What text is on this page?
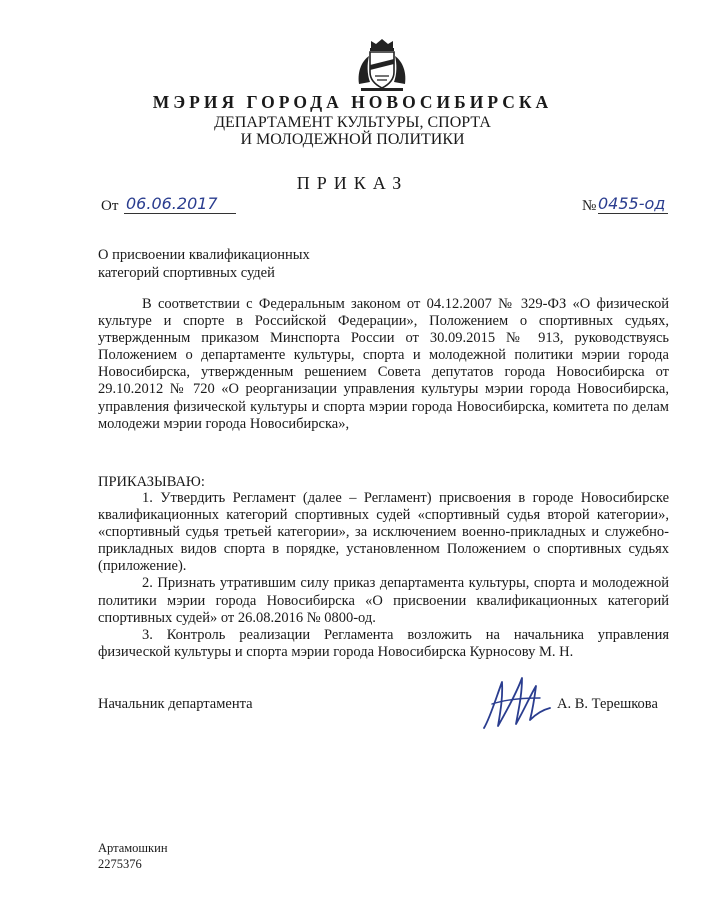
МЭРИЯ ГОРОДА НОВОСИБИРСКА
ДЕПАРТАМЕНТ КУЛЬТУРЫ, СПОРТА
И МОЛОДЕЖНОЙ ПОЛИТИКИ
ПРИКАЗ
От 06.06.2017	№ 0455-од
О присвоении квалификационных
категорий спортивных судей
В соответствии с Федеральным законом от 04.12.2007 № 329-ФЗ «О физической культуре и спорте в Российской Федерации», Положением о спортивных судьях, утвержденным приказом Минспорта России от 30.09.2015 № 913, руководствуясь Положением о департаменте культуры, спорта и молодежной политики мэрии города Новосибирска, утвержденным решением Совета депутатов города Новосибирска от 29.10.2012 № 720 «О реорганизации управления культуры мэрии города Новосибирска, управления физической культуры и спорта мэрии города Новосибирска, комитета по делам молодежи мэрии города Новосибирска»,
ПРИКАЗЫВАЮ:

1. Утвердить Регламент (далее – Регламент) присвоения в городе Новосибирске квалификационных категорий спортивных судей «спортивный судья второй категории», «спортивный судья третьей категории», за исключением военно-прикладных и служебно-прикладных видов спорта в порядке, установленном Положением о спортивных судьях (приложение).

2. Признать утратившим силу приказ департамента культуры, спорта и молодежной политики мэрии города Новосибирска «О присвоении квалификационных категорий спортивных судей» от 26.08.2016 № 0800-од.

3. Контроль реализации Регламента возложить на начальника управления физической культуры и спорта мэрии города Новосибирска Курносову М. Н.

Начальник департамента	А. В. Терешкова
Артамошкин
2275376
